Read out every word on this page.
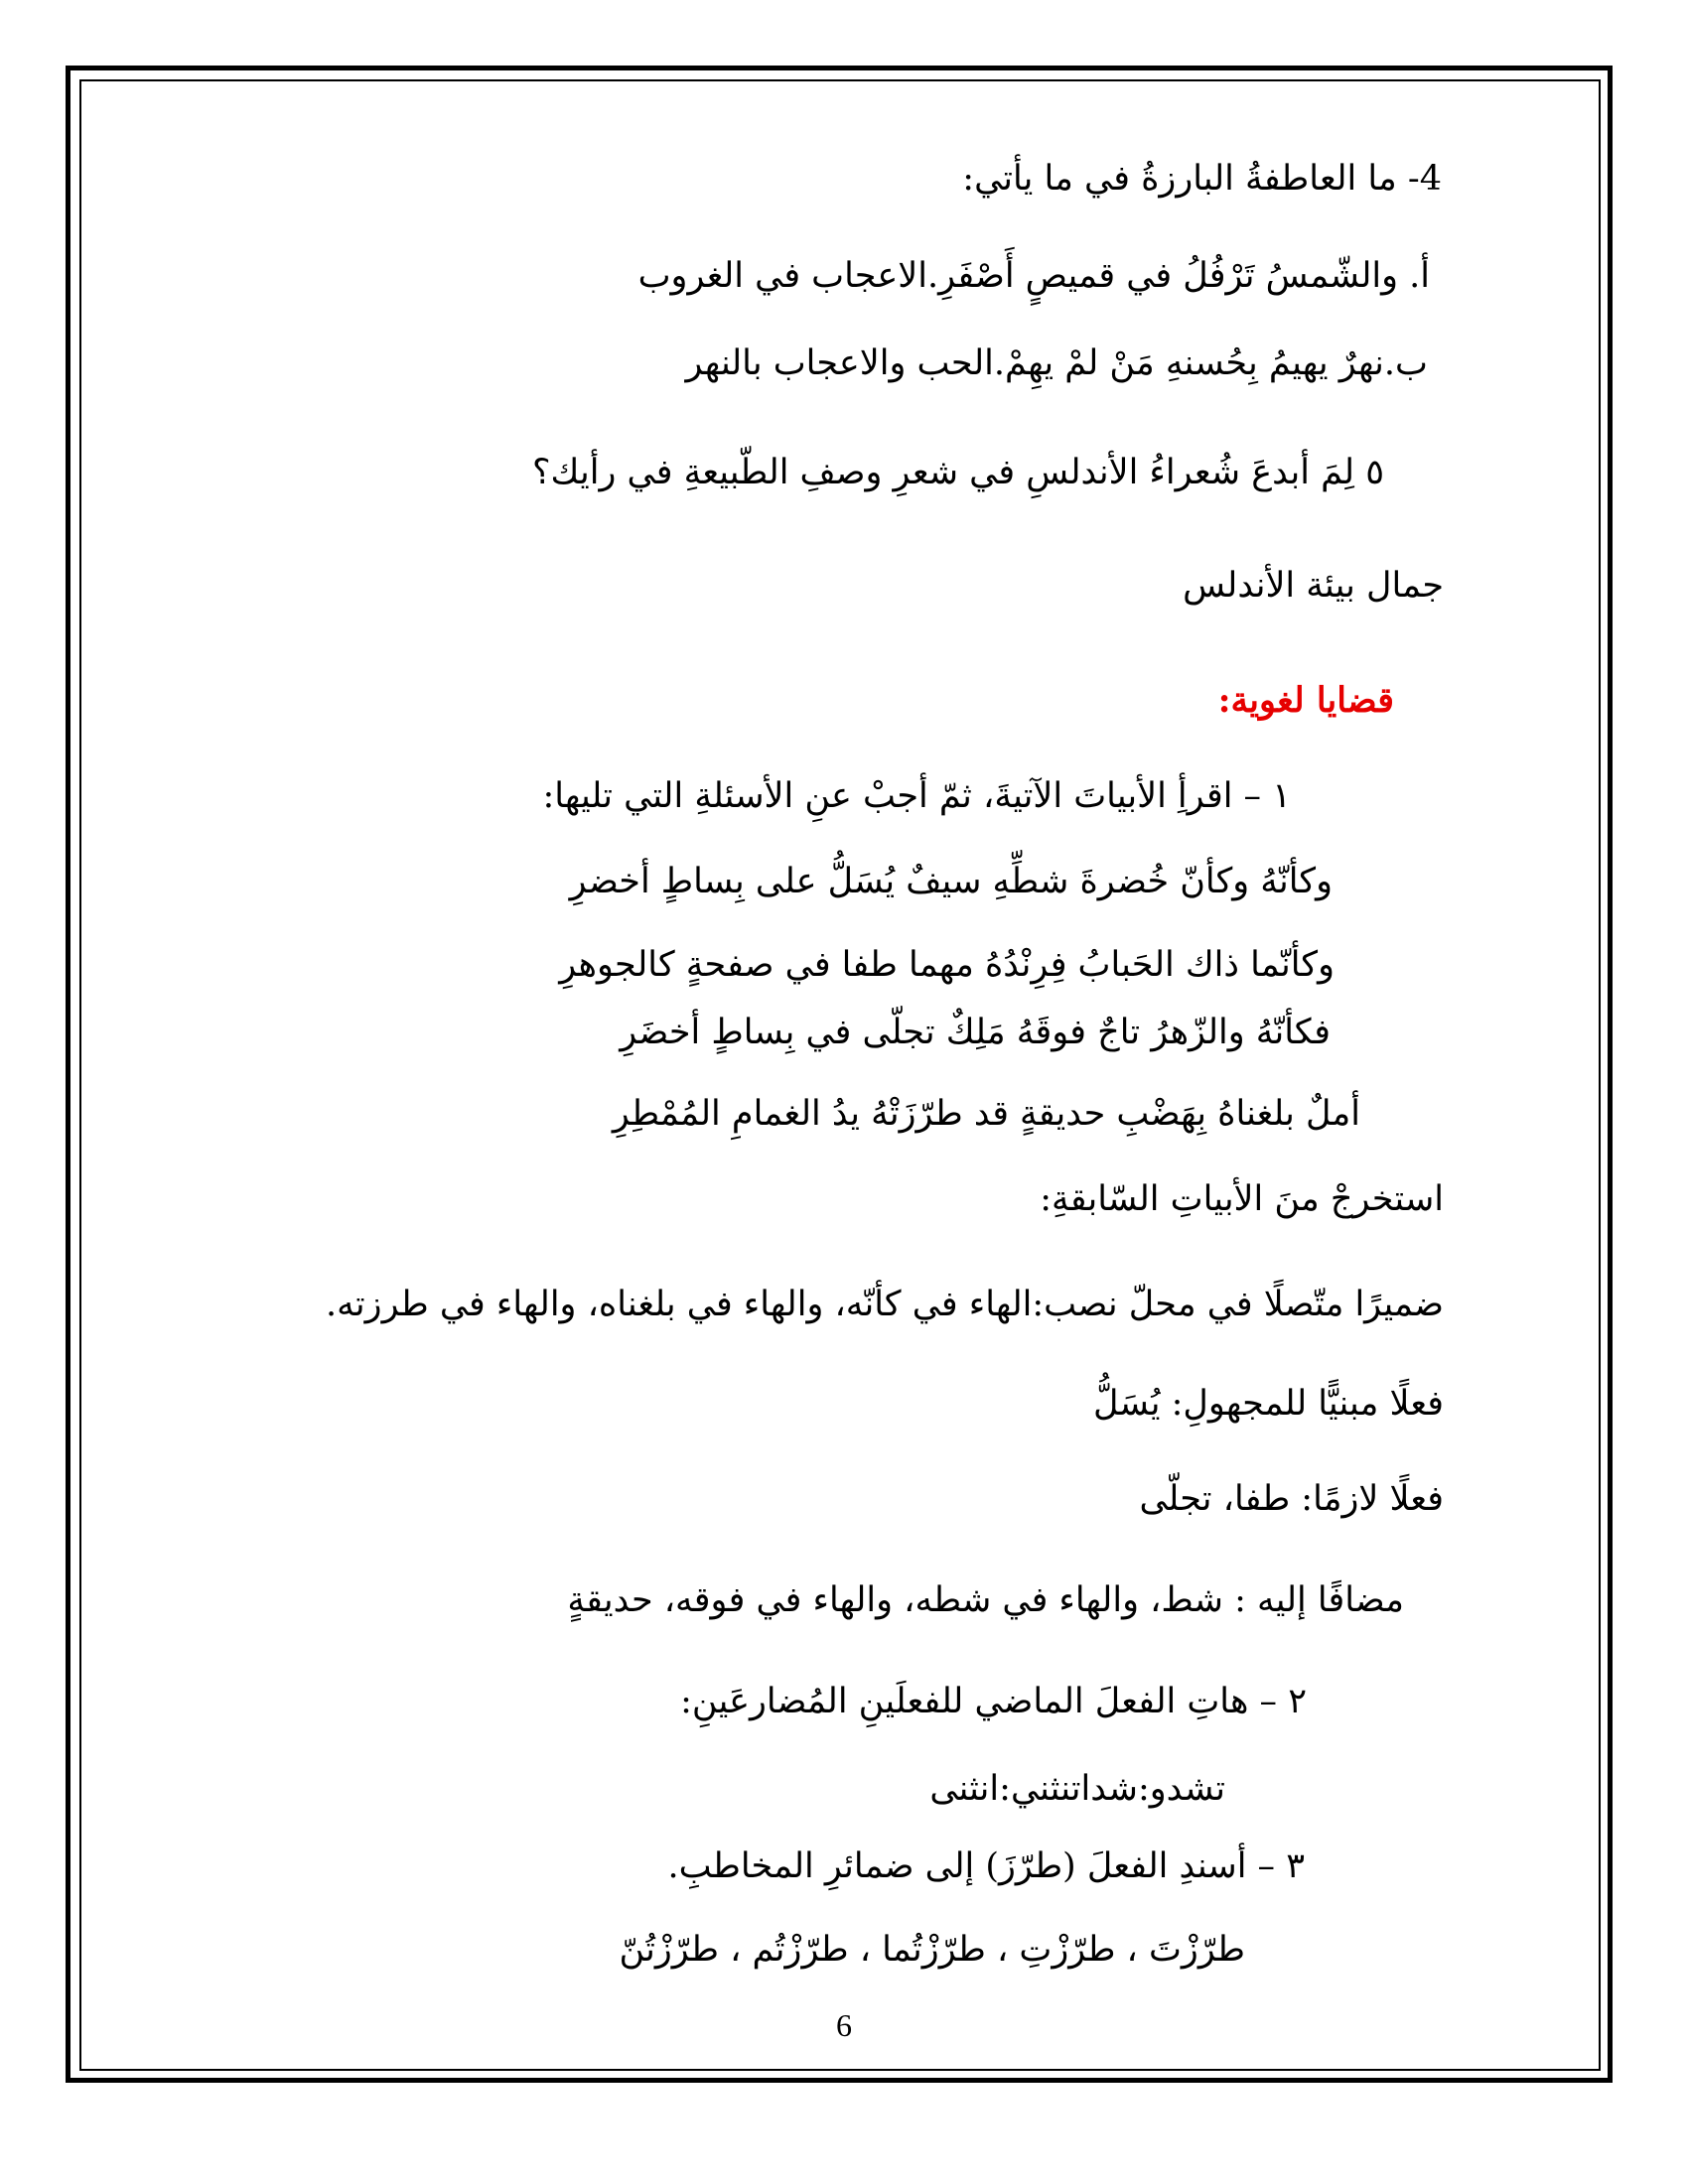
4- ما العاطفةُ البارزةُ في ما يأتي:
أ. والشّمسُ تَرْفُلُ في قميصٍ أَصْفَرِ.الاعجاب في الغروب
ب.نهرٌ يهيمُ بِحُسنهِ مَنْ لمْ يهِمْ.الحب والاعجاب بالنهر
٥ لِمَ أبدعَ شُعراءُ الأندلسِ في شعرِ وصفِ الطّبيعةِ في رأيك؟
جمال بيئة الأندلس
قضايا لغوية:
١ – اقرأِ الأبياتَ الآتيةَ، ثمّ أجبْ عنِ الأسئلةِ التي تليها:
وكأنّهُ وكأنّ خُضرةَ شطِّهِ سيفٌ يُسَلُّ على بِساطٍ أخضرِ
وكأنّما ذاك الحَبابُ فِرِنْدُهُ مهما طفا في صفحةٍ كالجوهرِ
فكأنّهُ والزّهرُ تاجٌ فوقَهُ مَلِكٌ تجلّى في بِساطٍ أخضَرِ
أملٌ بلغناهُ بِهَضْبِ حديقةٍ قد طرّزَتْهُ يدُ الغمامِ المُمْطِرِ
استخرجْ منَ الأبياتِ السّابقةِ:
ضميرًا متّصلًا في محلّ نصب:الهاء في كأنّه، والهاء في بلغناه، والهاء في طرزته.
فعلًا مبنيًّا للمجهولِ: يُسَلُّ
فعلًا لازمًا: طفا، تجلّى
مضافًا إليه : شط، والهاء في شطه، والهاء في فوقه، حديقةٍ
٢ – هاتِ الفعلَ الماضي للفعلَينِ المُضارعَينِ:
تشدو:شداتنثني:انثنى
٣ – أسندِ الفعلَ (طرّزَ) إلى ضمائرِ المخاطبِ.
طرّزْتَ ، طرّزْتِ ، طرّزْتُما ، طرّزْتُم ، طرّزْتُنّ
6
